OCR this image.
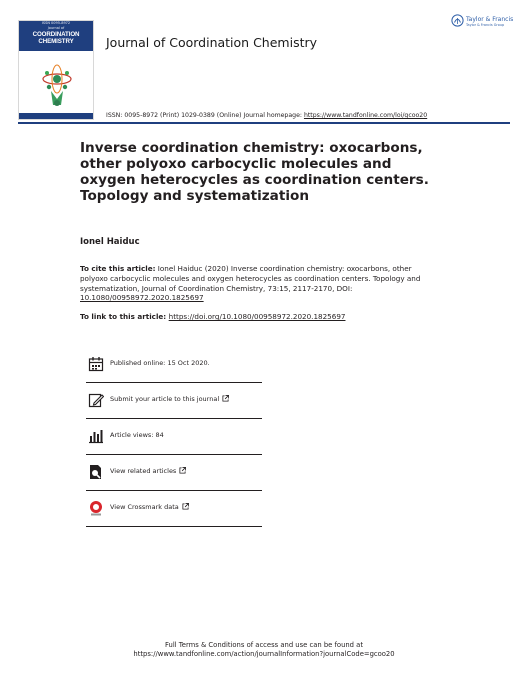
ISSN 0095-8972
Journal of
COORDINATION
CHEMISTRY	Journal of Coordination Chemistry
Taylor & Francis
Taylor & Francis Group
ISSN: 0095-8972 (Print) 1029-0389 (Online) Journal homepage: https://www.tandfonline.com/loi/gcoo20
Inverse coordination chemistry: oxocarbons, other polyoxo carbocyclic molecules and oxygen heterocycles as coordination centers. Topology and systematization
Ionel Haiduc
To cite this article: Ionel Haiduc (2020) Inverse coordination chemistry: oxocarbons, other polyoxo carbocyclic molecules and oxygen heterocycles as coordination centers. Topology and systematization, Journal of Coordination Chemistry, 73:15, 2117-2170, DOI: 10.1080/00958972.2020.1825697
To link to this article: https://doi.org/10.1080/00958972.2020.1825697
Published online: 15 Oct 2020.
Submit your article to this journal
Article views: 84
View related articles
View Crossmark data
Full Terms & Conditions of access and use can be found at
https://www.tandfonline.com/action/journalInformation?journalCode=gcoo20
